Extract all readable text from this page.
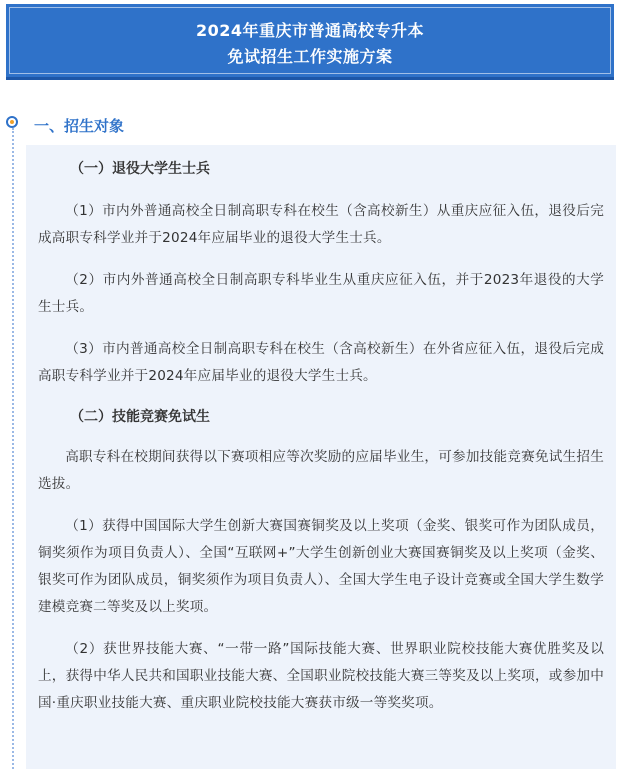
2024年重庆市普通高校专升本
免试招生工作实施方案
一、招生对象

（一）退役大学生士兵

（1）市内外普通高校全日制高职专科在校生（含高校新生）从重庆应征入伍，退役后完成高职专科学业并于2024年应届毕业的退役大学生士兵。

（2）市内外普通高校全日制高职专科毕业生从重庆应征入伍，并于2023年退役的大学生士兵。

（3）市内普通高校全日制高职专科在校生（含高校新生）在外省应征入伍，退役后完成高职专科学业并于2024年应届毕业的退役大学生士兵。

（二）技能竞赛免试生

高职专科在校期间获得以下赛项相应等次奖励的应届毕业生，可参加技能竞赛免试生招生选拔。

（1）获得中国国际大学生创新大赛国赛铜奖及以上奖项（金奖、银奖可作为团队成员，铜奖须作为项目负责人）、全国“互联网+”大学生创新创业大赛国赛铜奖及以上奖项（金奖、银奖可作为团队成员，铜奖须作为项目负责人）、全国大学生电子设计竞赛或全国大学生数学建模竞赛二等奖及以上奖项。

（2）获世界技能大赛、“一带一路”国际技能大赛、世界职业院校技能大赛优胜奖及以上，获得中华人民共和国职业技能大赛、全国职业院校技能大赛三等奖及以上奖项，或参加中国·重庆职业技能大赛、重庆职业院校技能大赛获市级一等奖奖项。
